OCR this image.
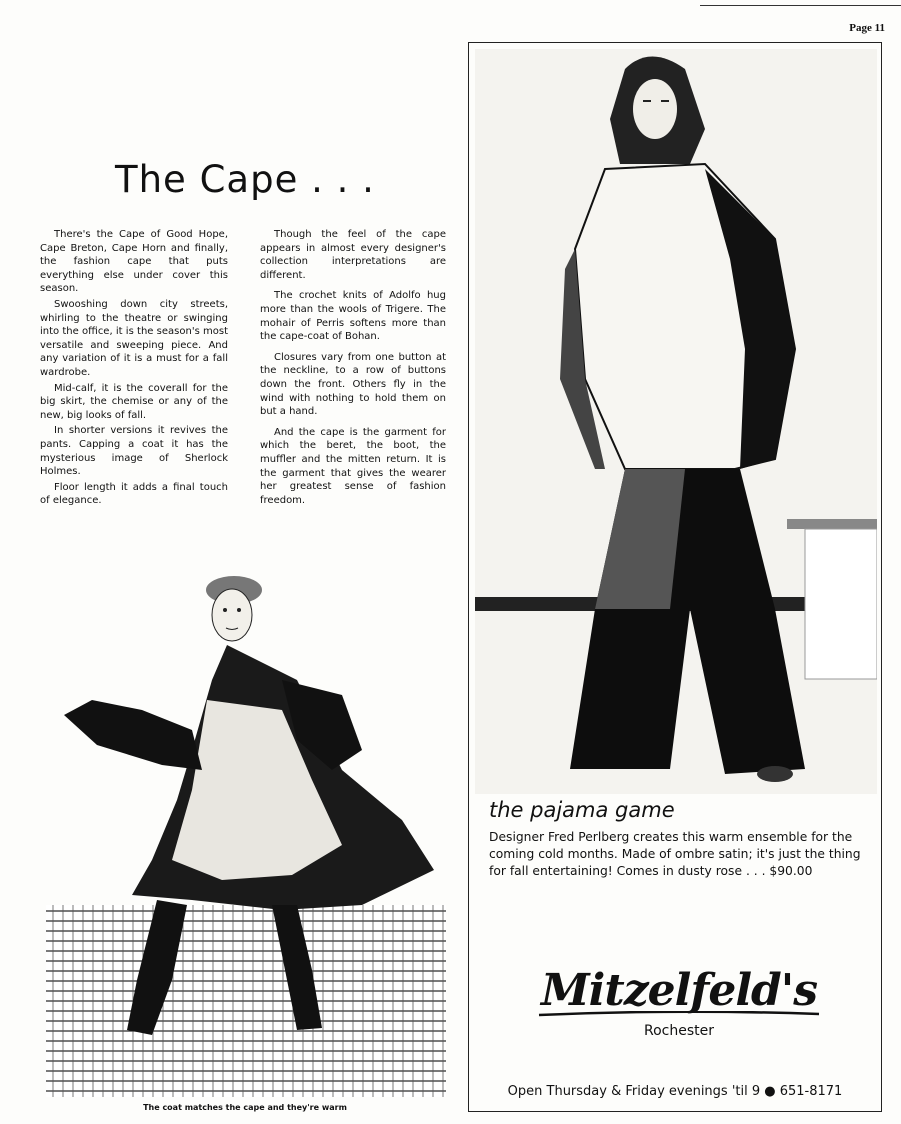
Page 11
The Cape . . .

There's the Cape of Good Hope, Cape Breton, Cape Horn and finally, the fashion cape that puts everything else under cover this season.

Swooshing down city streets, whirling to the theatre or swinging into the office, it is the season's most versatile and sweeping piece. And any variation of it is a must for a fall wardrobe.

Mid-calf, it is the coverall for the big skirt, the chemise or any of the new, big looks of fall.

In shorter versions it revives the pants. Capping a coat it has the mysterious image of Sherlock Holmes.

Floor length it adds a final touch of elegance.

Though the feel of the cape appears in almost every designer's collection interpretations are different.

The crochet knits of Adolfo hug more than the wools of Trigere. The mohair of Perris softens more than the cape-coat of Bohan.

Closures vary from one button at the neckline, to a row of buttons down the front. Others fly in the wind with nothing to hold them on but a hand.

And the cape is the garment for which the beret, the boot, the muffler and the mitten return. It is the garment that gives the wearer her greatest sense of fashion freedom.

The coat matches the cape and they're warm
the pajama game

Designer Fred Perlberg creates this warm ensemble for the coming cold months. Made of ombre satin; it's just the thing for fall entertaining! Comes in dusty rose . . . $90.00

Mitzelfeld's
Rochester
Open Thursday & Friday evenings 'til 9 ● 651-8171
